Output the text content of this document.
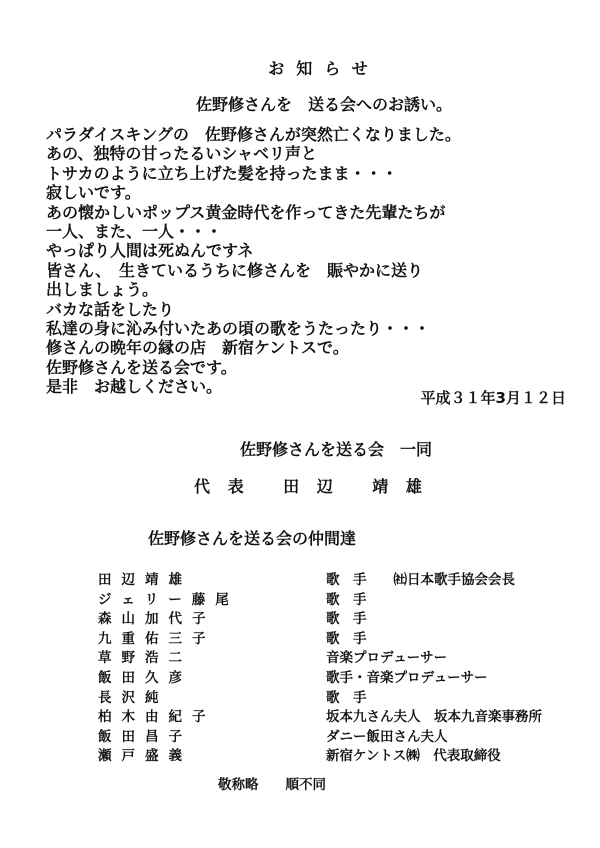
お知らせ
佐野修さんを　送る会へのお誘い。
パラダイスキングの　佐野修さんが突然亡くなりました。
あの、独特の甘ったるいシャベリ声と
トサカのように立ち上げた髪を持ったまま・・・
寂しいです。
あの懐かしいポップス黄金時代を作ってきた先輩たちが
一人、また、一人・・・
やっぱり人間は死ぬんですネ
皆さん、　生きているうちに修さんを　賑やかに送り
出しましょう。
バカな話をしたり
私達の身に沁み付いたあの頃の歌をうたったり・・・
修さんの晩年の縁の店　新宿ケントスで。
佐野修さんを送る会です。
是非　お越しください。
平成３１年3月１２日
佐野修さんを送る会　一同
代 表　 田 辺 　靖 雄
佐野修さんを送る会の仲間達
田辺靖雄	歌　手　　㈳日本歌手協会会長
ジェリー藤尾	歌　手
森山加代子	歌　手
九重佑三子	歌　手
草野浩二	音楽プロデューサー
飯田久彦	歌手・音楽プロデューサー
長沢純	歌　手
柏木由紀子	坂本九さん夫人　坂本九音楽事務所
飯田昌子	ダニー飯田さん夫人
瀬戸盛義	新宿ケントス㈱　代表取締役
敬称略　　順不同
